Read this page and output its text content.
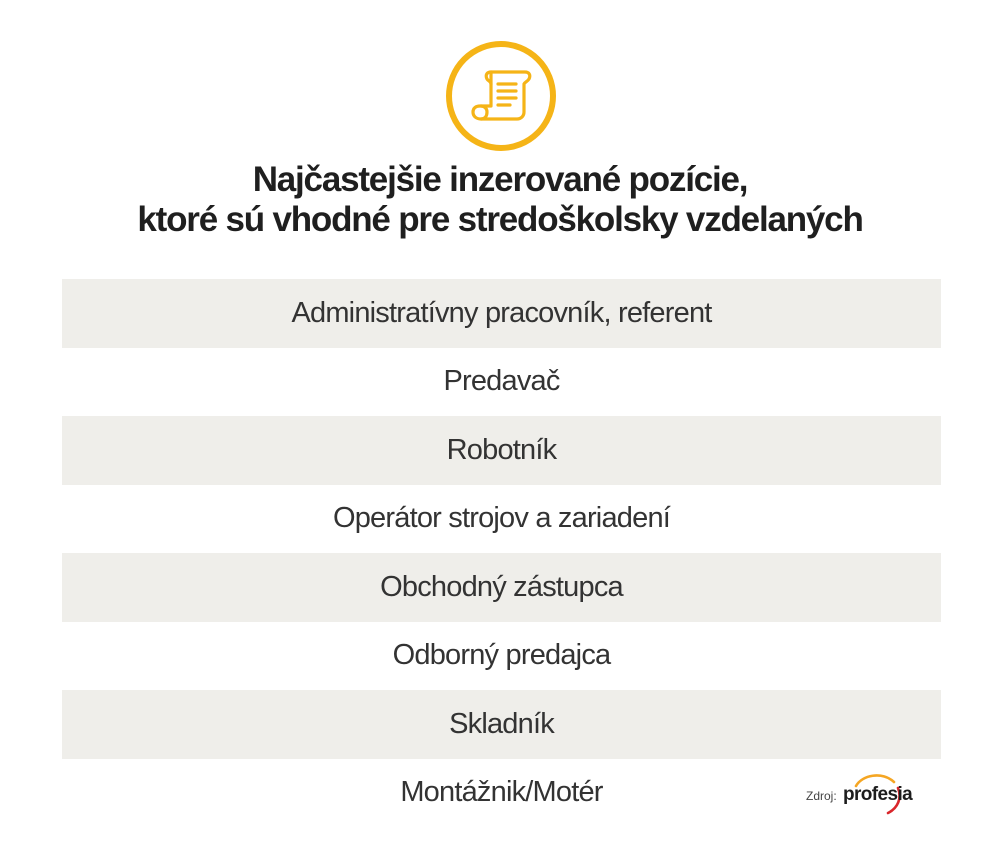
Najčastejšie inzerované pozície,
ktoré sú vhodné pre stredoškolsky vzdelaných
Administratívny pracovník, referent
Predavač
Robotník
Operátor strojov a zariadení
Obchodný zástupca
Odborný predajca
Skladník
Montážnik/Motér	Zdroj: profesia
